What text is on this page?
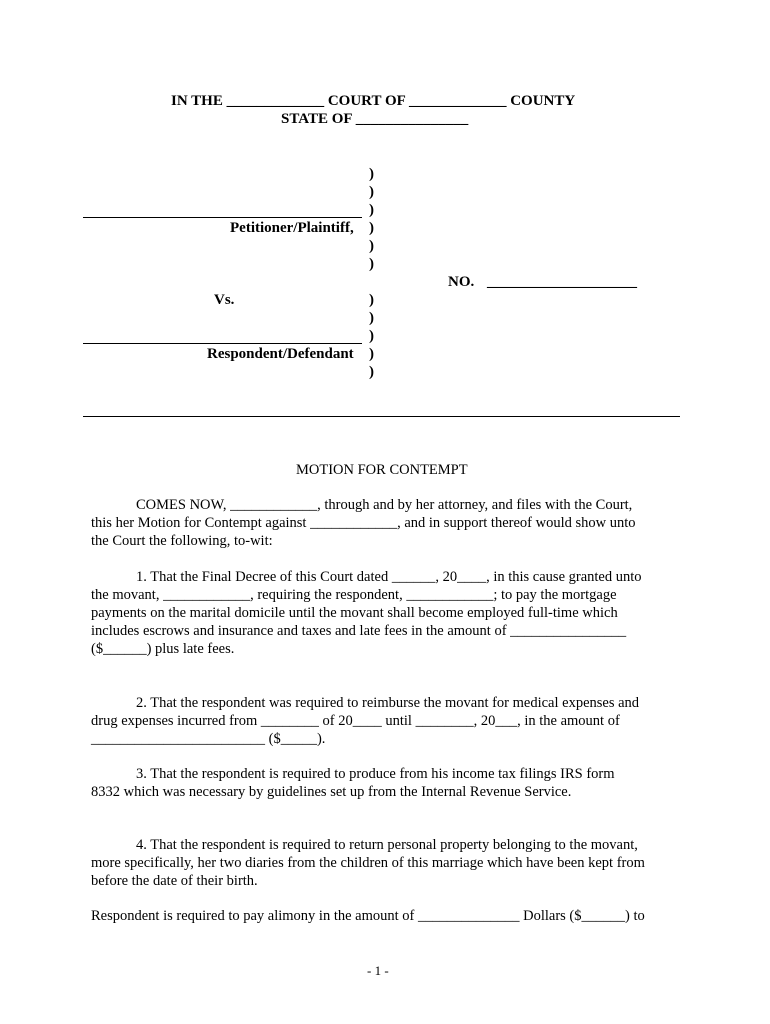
IN THE _____________ COURT OF _____________ COUNTY
STATE OF _______________
)
)
)
)
)
)
)
)
)
)
)
Petitioner/Plaintiff,
Vs.
NO. ____________________
Respondent/Defendant
MOTION FOR CONTEMPT
COMES NOW, ____________, through and by her attorney, and files with the Court,
this her Motion for Contempt against ____________, and in support thereof would show unto
the Court the following, to-wit:
1. That the Final Decree of this Court dated ______, 20____, in this cause granted unto
the movant, ____________, requiring the respondent, ____________; to pay the mortgage
payments on the marital domicile until the movant shall become employed full-time which
includes escrows and insurance and taxes and late fees in the amount of ________________
($______) plus late fees.
2. That the respondent was required to reimburse the movant for medical expenses and
drug expenses incurred from ________ of 20____ until ________, 20___, in the amount of
________________________ ($_____).
3. That the respondent is required to produce from his income tax filings IRS form
8332 which was necessary by guidelines set up from the Internal Revenue Service.
4. That the respondent is required to return personal property belonging to the movant,
more specifically, her two diaries from the children of this marriage which have been kept from
before the date of their birth.
Respondent is required to pay alimony in the amount of ______________ Dollars ($______) to
- 1 -
